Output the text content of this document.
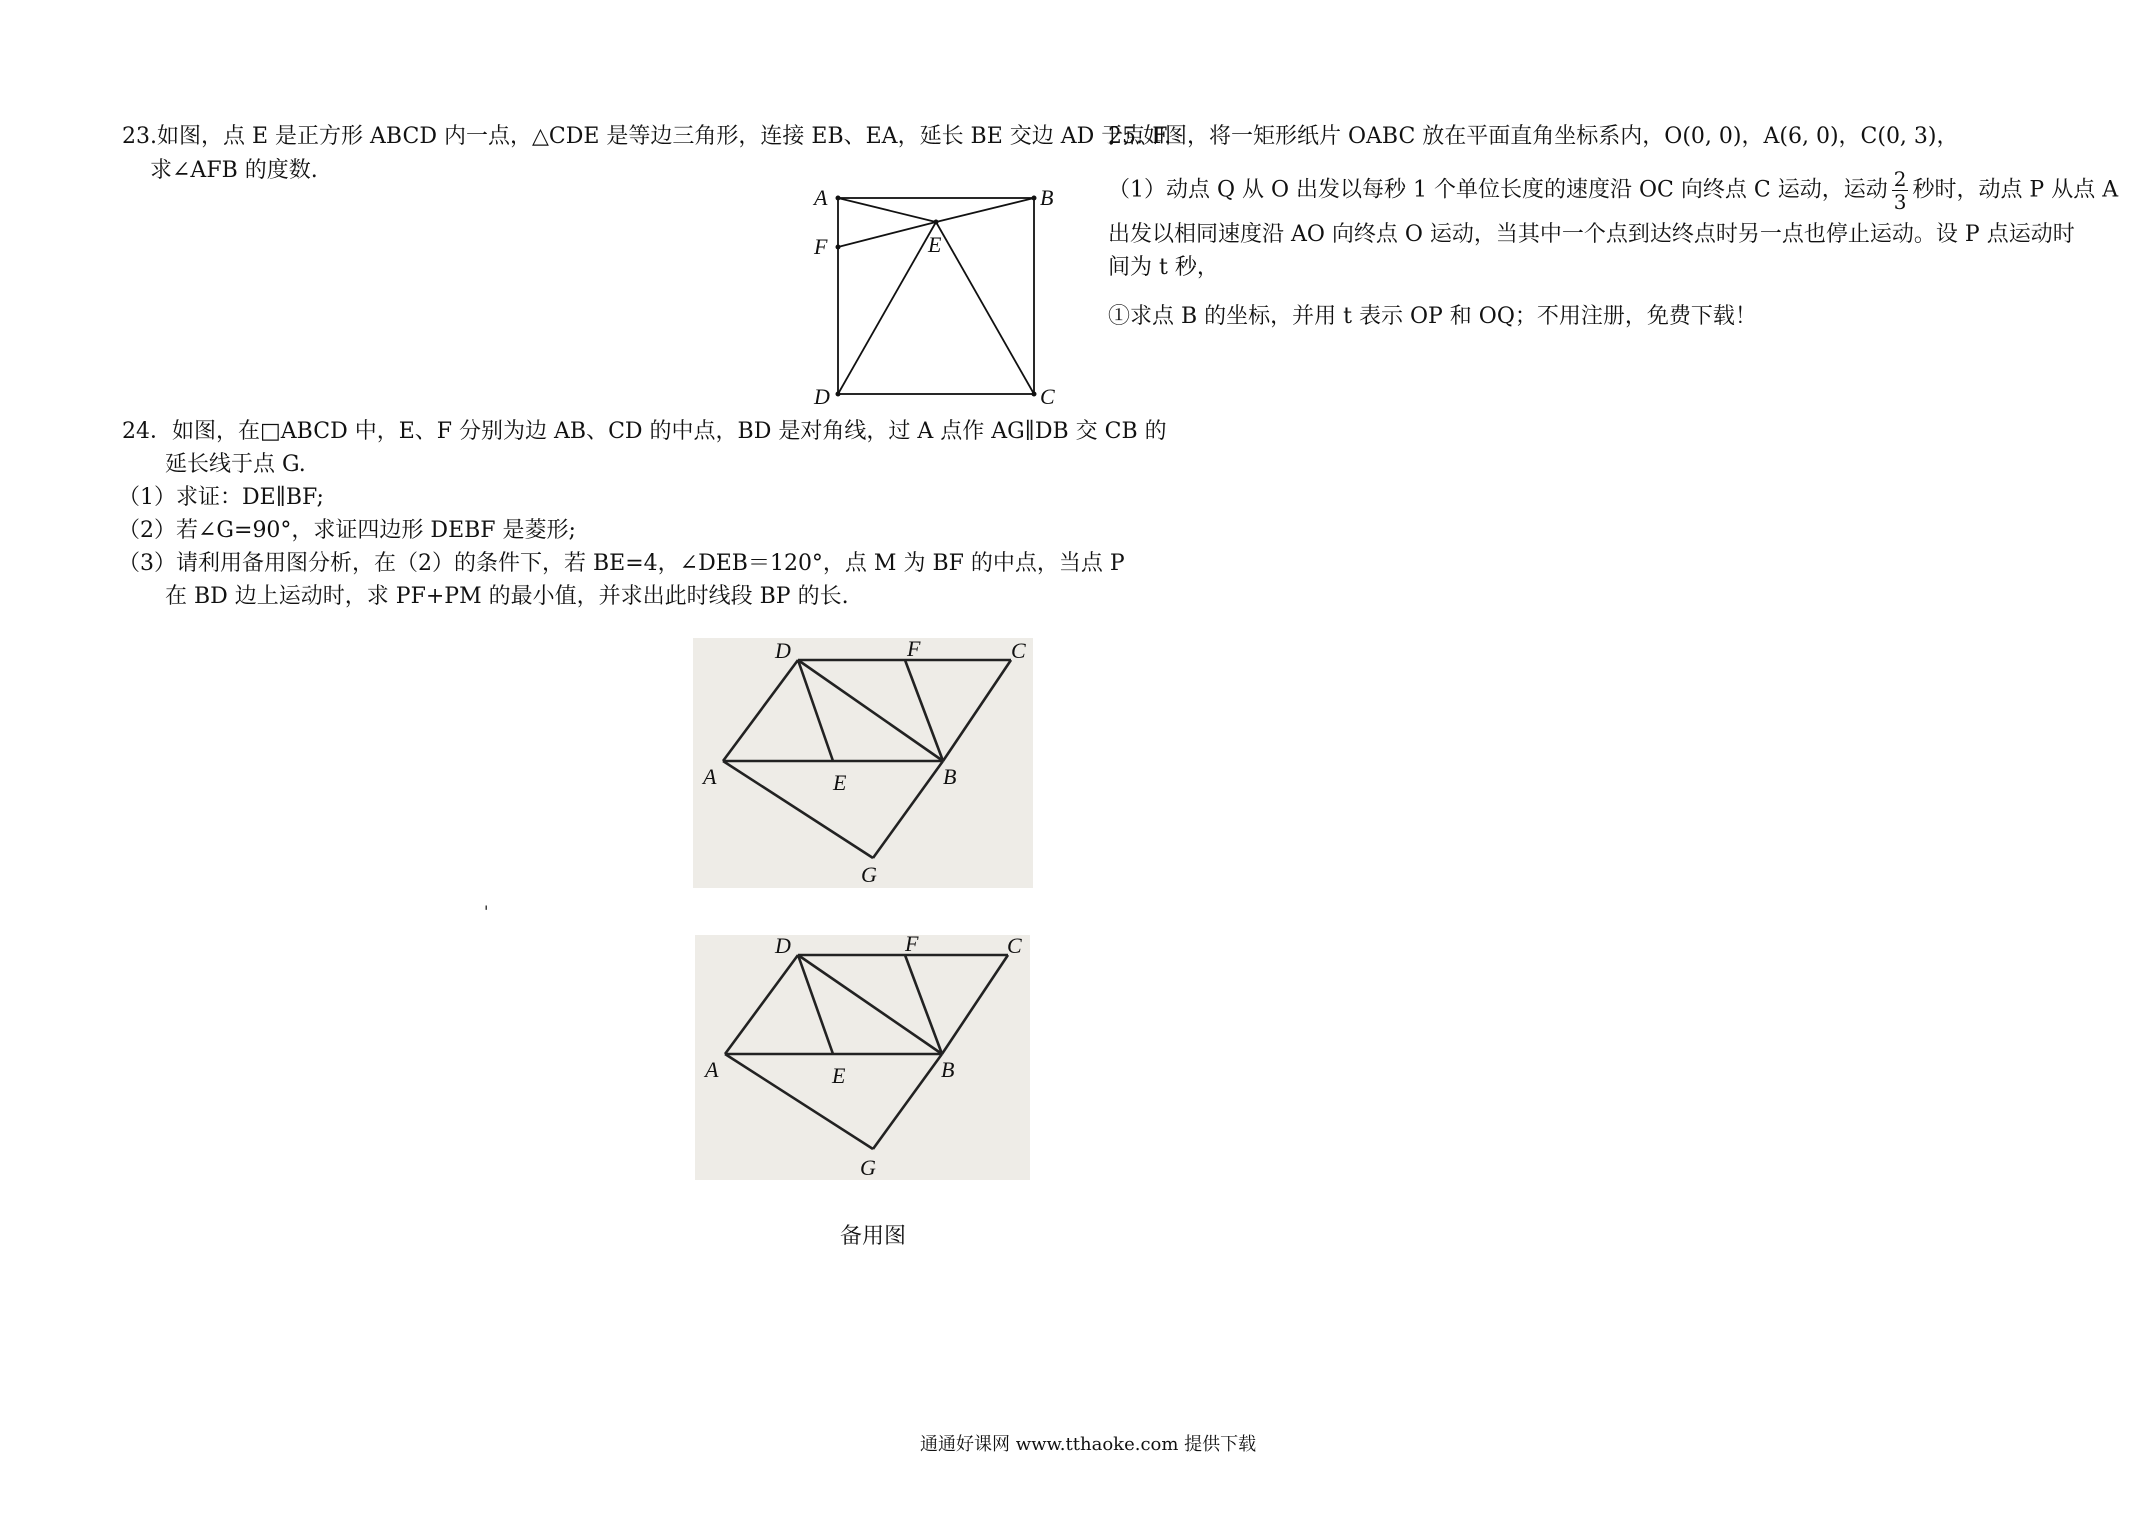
23.如图，点 E 是正方形 ABCD 内一点，△CDE 是等边三角形，连接 EB、EA，延长 BE 交边 AD 于点 F.
求∠AFB 的度数.
A	B
C
D
E
F
24．如图，在□ABCD 中，E、F 分别为边 AB、CD 的中点，BD 是对角线，过 A 点作 AG∥DB 交 CB 的
延长线于点 G.
（1）求证：DE∥BF;
（2）若∠G=90°，求证四边形 DEBF 是菱形;
（3）请利用备用图分析，在（2）的条件下，若 BE=4，∠DEB＝120°，点 M 为 BF 的中点，当点 P
在 BD 边上运动时，求 PF+PM 的最小值，并求出此时线段 BP 的长.
D	F	C
A	E	B
G
'
D	F	C
A	E	B
G
备用图
25.如图，将一矩形纸片 OABC 放在平面直角坐标系内，O(0, 0)，A(6, 0)，C(0, 3)，
（1）动点 Q 从 O 出发以每秒 1 个单位长度的速度沿 OC 向终点 C 运动，运动 $\frac{2}{3}$ 秒时，动点 P 从点 A
出发以相同速度沿 AO 向终点 O 运动，当其中一个点到达终点时另一点也停止运动。设 P 点运动时
间为 t 秒，
①求点 B 的坐标，并用 t 表示 OP 和 OQ；不用注册，免费下载！
通通好课网 www.tthaoke.com 提供下载
